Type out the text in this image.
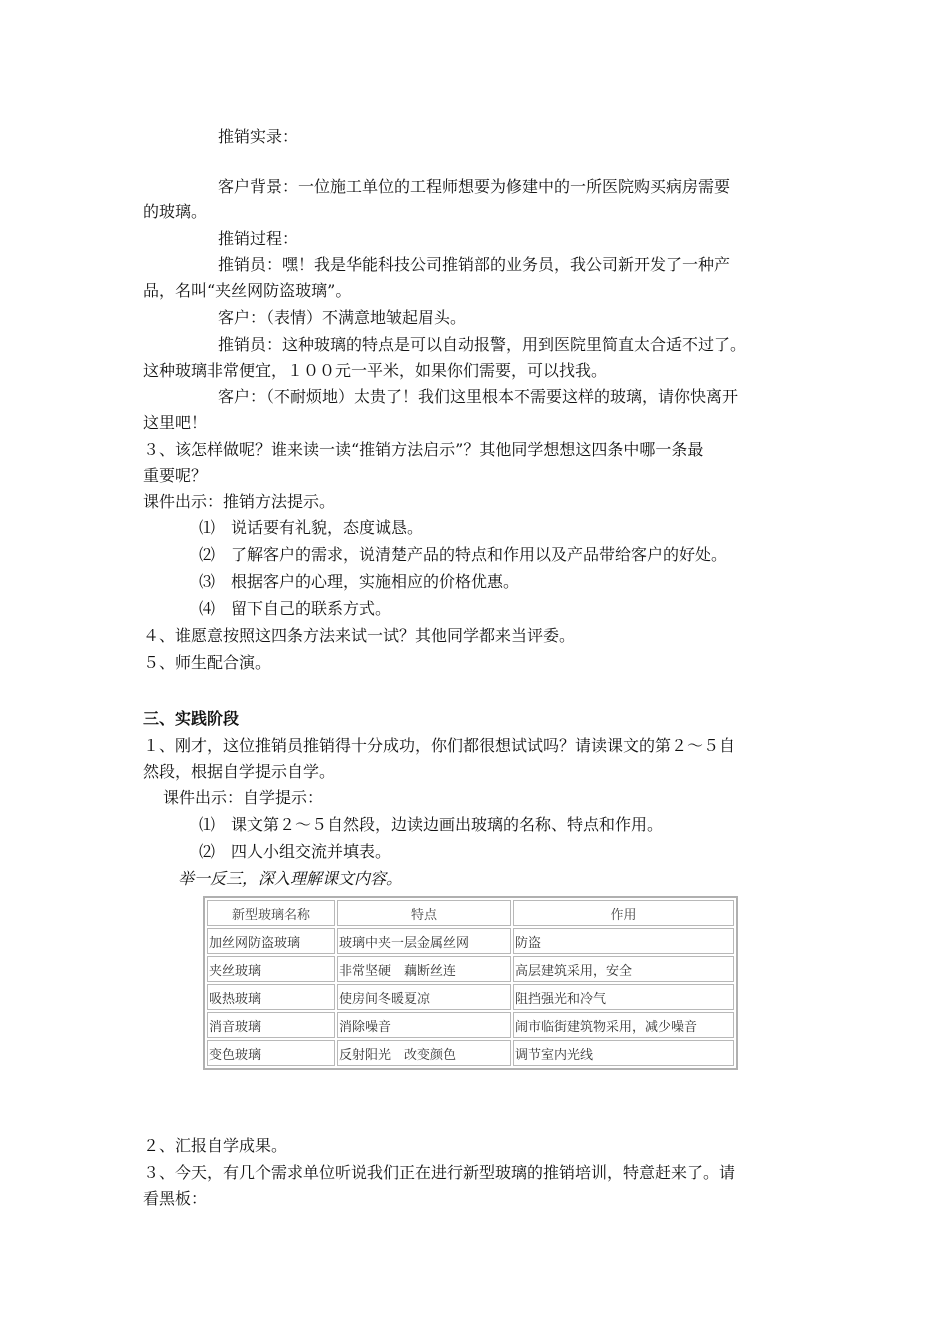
推销实录：
客户背景：一位施工单位的工程师想要为修建中的一所医院购买病房需要
的玻璃。
推销过程：
推销员：嘿！我是华能科技公司推销部的业务员，我公司新开发了一种产
品，名叫“夹丝网防盗玻璃”。
客户：（表情）不满意地皱起眉头。
推销员：这种玻璃的特点是可以自动报警，用到医院里简直太合适不过了。
这种玻璃非常便宜，１００元一平米，如果你们需要，可以找我。
客户：（不耐烦地）太贵了！我们这里根本不需要这样的玻璃，请你快离开
这里吧！
３、该怎样做呢？谁来读一读“推销方法启示”？其他同学想想这四条中哪一条最
重要呢？
课件出示：推销方法提示。
⑴　说话要有礼貌，态度诚恳。
⑵　了解客户的需求，说清楚产品的特点和作用以及产品带给客户的好处。
⑶　根据客户的心理，实施相应的价格优惠。
⑷　留下自己的联系方式。
４、谁愿意按照这四条方法来试一试？其他同学都来当评委。
５、师生配合演。
三、实践阶段
１、刚才，这位推销员推销得十分成功，你们都很想试试吗？请读课文的第２～５自
然段，根据自学提示自学。
课件出示：自学提示：
⑴　课文第２～５自然段，边读边画出玻璃的名称、特点和作用。
⑵　四人小组交流并填表。
举一反三，深入理解课文内容。
新型玻璃名称	特点	作用
加丝网防盗玻璃	玻璃中夹一层金属丝网	防盗
夹丝玻璃	非常坚硬　藕断丝连	高层建筑采用，安全
吸热玻璃	使房间冬暖夏凉	阻挡强光和冷气
消音玻璃	消除噪音	闹市临街建筑物采用，减少噪音
变色玻璃	反射阳光　改变颜色	调节室内光线
２、汇报自学成果。
３、今天，有几个需求单位听说我们正在进行新型玻璃的推销培训，特意赶来了。请
看黑板：
